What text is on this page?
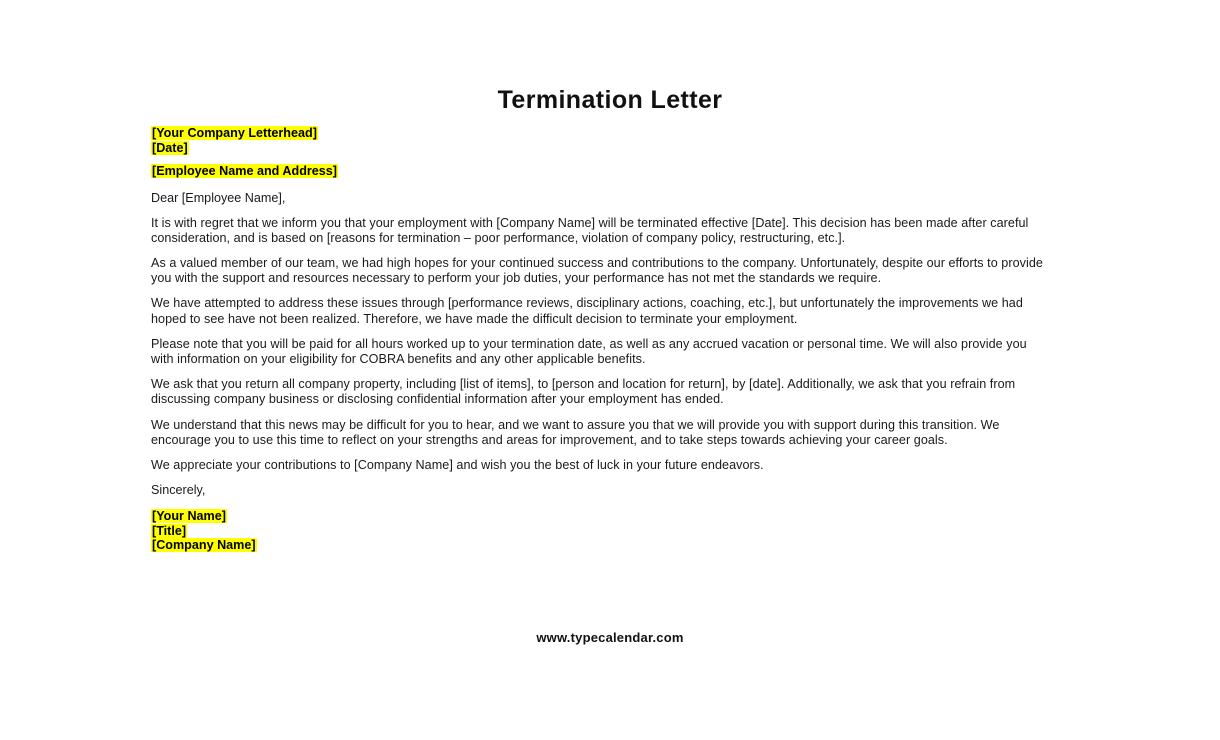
Termination Letter
[Your Company Letterhead]
[Date]
[Employee Name and Address]
Dear [Employee Name],

It is with regret that we inform you that your employment with [Company Name] will be terminated effective [Date]. This decision has been made after careful consideration, and is based on [reasons for termination – poor performance, violation of company policy, restructuring, etc.].

As a valued member of our team, we had high hopes for your continued success and contributions to the company. Unfortunately, despite our efforts to provide you with the support and resources necessary to perform your job duties, your performance has not met the standards we require.

We have attempted to address these issues through [performance reviews, disciplinary actions, coaching, etc.], but unfortunately the improvements we had hoped to see have not been realized. Therefore, we have made the difficult decision to terminate your employment.

Please note that you will be paid for all hours worked up to your termination date, as well as any accrued vacation or personal time. We will also provide you with information on your eligibility for COBRA benefits and any other applicable benefits.

We ask that you return all company property, including [list of items], to [person and location for return], by [date]. Additionally, we ask that you refrain from discussing company business or disclosing confidential information after your employment has ended.

We understand that this news may be difficult for you to hear, and we want to assure you that we will provide you with support during this transition. We encourage you to use this time to reflect on your strengths and areas for improvement, and to take steps towards achieving your career goals.

We appreciate your contributions to [Company Name] and wish you the best of luck in your future endeavors.

Sincerely,
[Your Name]
[Title]
[Company Name]
www.typecalendar.com
